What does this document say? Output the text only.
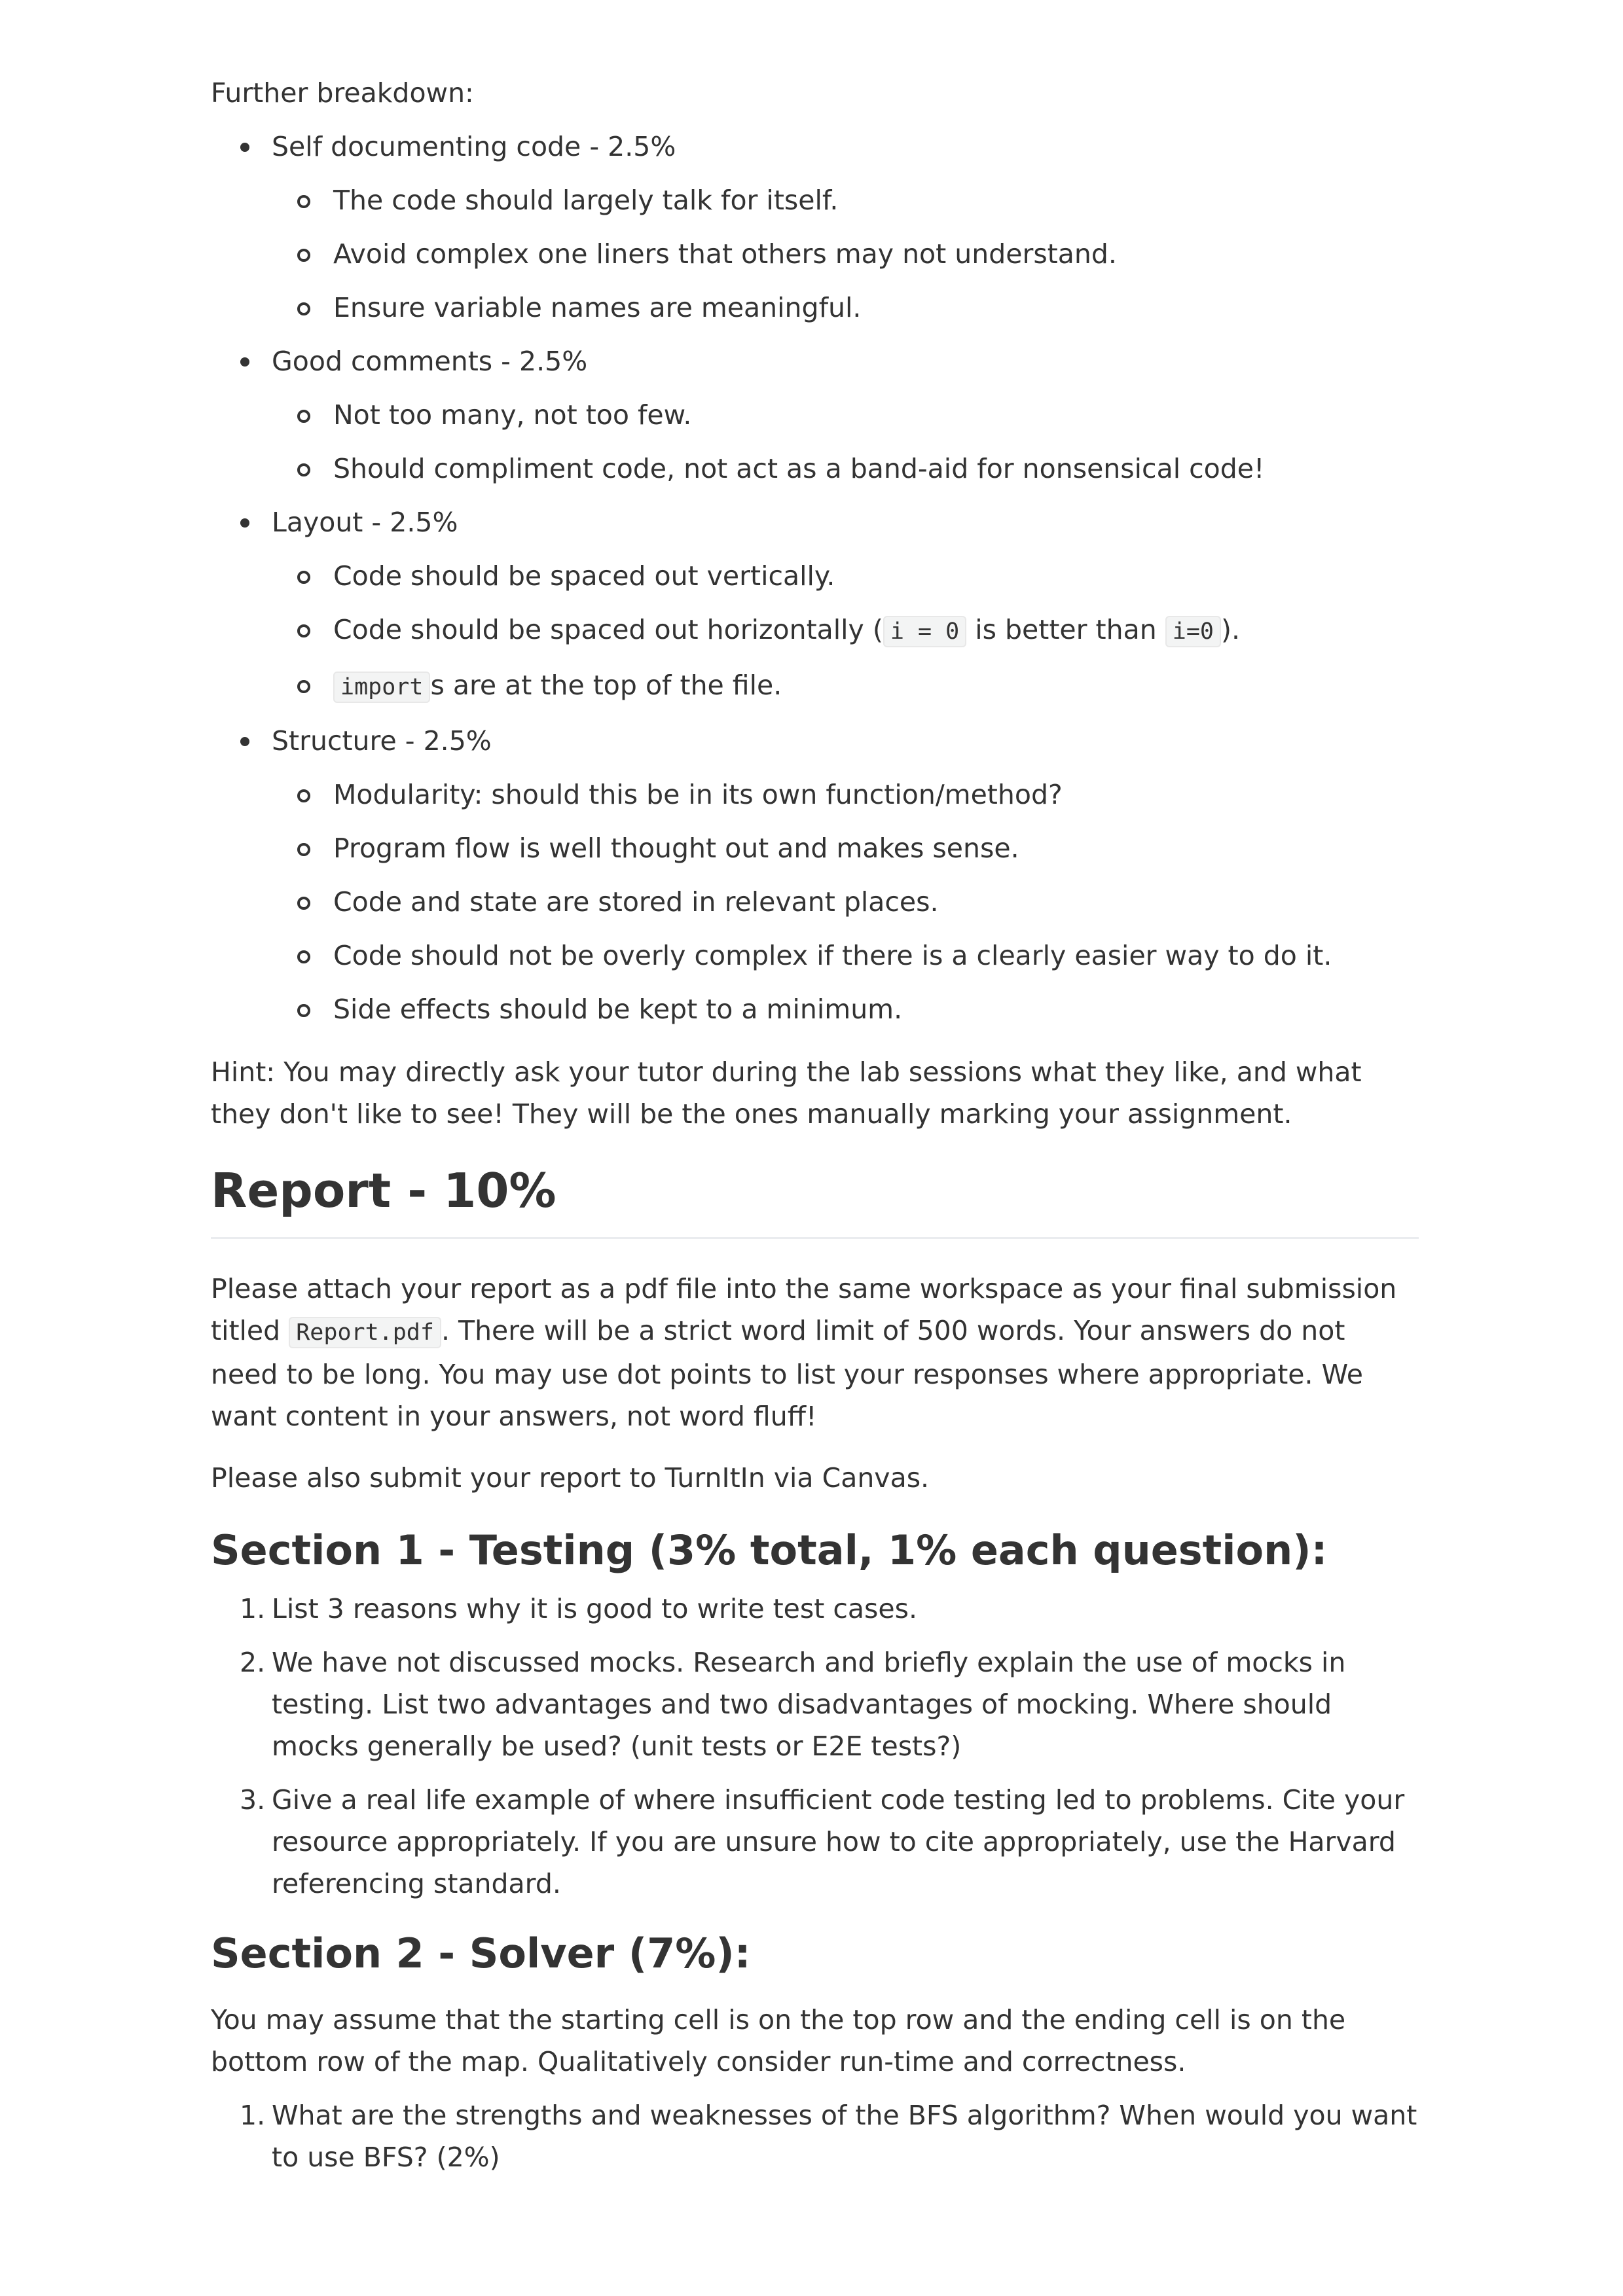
Further breakdown:

Self documenting code - 2.5%
The code should largely talk for itself.
Avoid complex one liners that others may not understand.
Ensure variable names are meaningful.
Good comments - 2.5%
Not too many, not too few.
Should compliment code, not act as a band-aid for nonsensical code!
Layout - 2.5%
Code should be spaced out vertically.
Code should be spaced out horizontally ( i = 0 is better than i=0 ).
import s are at the top of the file.
Structure - 2.5%
Modularity: should this be in its own function/method?
Program flow is well thought out and makes sense.
Code and state are stored in relevant places.
Code should not be overly complex if there is a clearly easier way to do it.
Side effects should be kept to a minimum.

Hint: You may directly ask your tutor during the lab sessions what they like, and what they don't like to see! They will be the ones manually marking your assignment.

Report - 10%

Please attach your report as a pdf file into the same workspace as your final submission titled Report.pdf . There will be a strict word limit of 500 words. Your answers do not need to be long. You may use dot points to list your responses where appropriate. We want content in your answers, not word fluff!

Please also submit your report to TurnItIn via Canvas.

Section 1 - Testing (3% total, 1% each question):
1. List 3 reasons why it is good to write test cases.
2. We have not discussed mocks. Research and briefly explain the use of mocks in testing. List two advantages and two disadvantages of mocking. Where should mocks generally be used? (unit tests or E2E tests?)
3. Give a real life example of where insufficient code testing led to problems. Cite your resource appropriately. If you are unsure how to cite appropriately, use the Harvard referencing standard.
Section 2 - Solver (7%):

You may assume that the starting cell is on the top row and the ending cell is on the bottom row of the map. Qualitatively consider run-time and correctness.

1. What are the strengths and weaknesses of the BFS algorithm? When would you want to use BFS? (2%)
